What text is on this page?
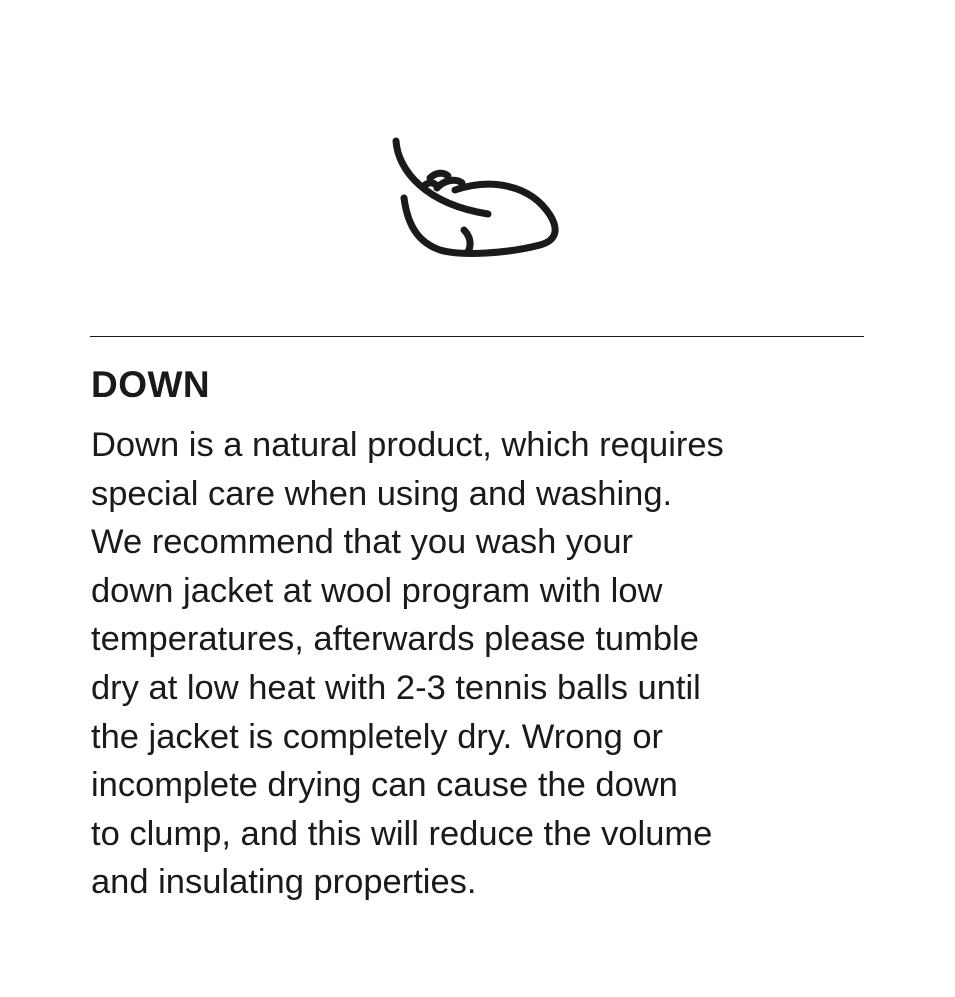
DOWN

Down is a natural product, which requires
special care when using and washing.
We recommend that you wash your
down jacket at wool program with low
temperatures, afterwards please tumble
dry at low heat with 2-3 tennis balls until
the jacket is completely dry. Wrong or
incomplete drying can cause the down
to clump, and this will reduce the volume
and insulating properties.
